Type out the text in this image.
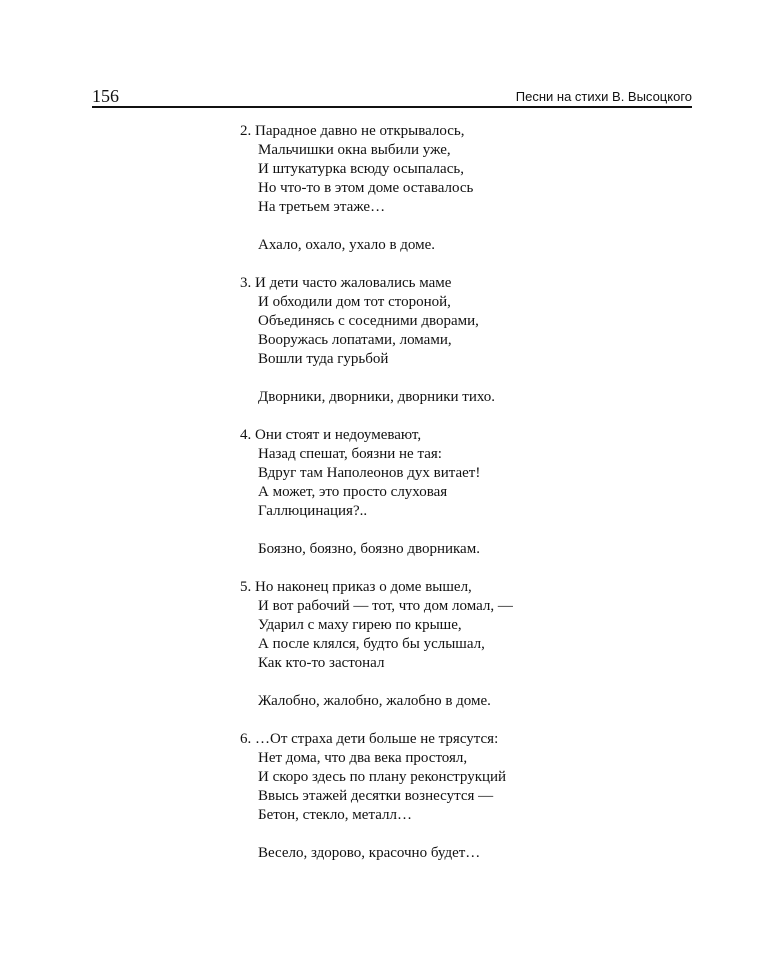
156	Песни на стихи В. Высоцкого
2. Парадное давно не открывалось,
Мальчишки окна выбили уже,
И штукатурка всюду осыпалась,
Но что-то в этом доме оставалось
На третьем этаже…
Ахало, охало, ухало в доме.
3. И дети часто жаловались маме
И обходили дом тот стороной,
Объединясь с соседними дворами,
Вооружась лопатами, ломами,
Вошли туда гурьбой
Дворники, дворники, дворники тихо.
4. Они стоят и недоумевают,
Назад спешат, боязни не тая:
Вдруг там Наполеонов дух витает!
А может, это просто слуховая
Галлюцинация?..
Боязно, боязно, боязно дворникам.
5. Но наконец приказ о доме вышел,
И вот рабочий — тот, что дом ломал, —
Ударил с маху гирею по крыше,
А после клялся, будто бы услышал,
Как кто-то застонал
Жалобно, жалобно, жалобно в доме.
6. …От страха дети больше не трясутся:
Нет дома, что два века простоял,
И скоро здесь по плану реконструкций
Ввысь этажей десятки вознесутся —
Бетон, стекло, металл…
Весело, здорово, красочно будет…
